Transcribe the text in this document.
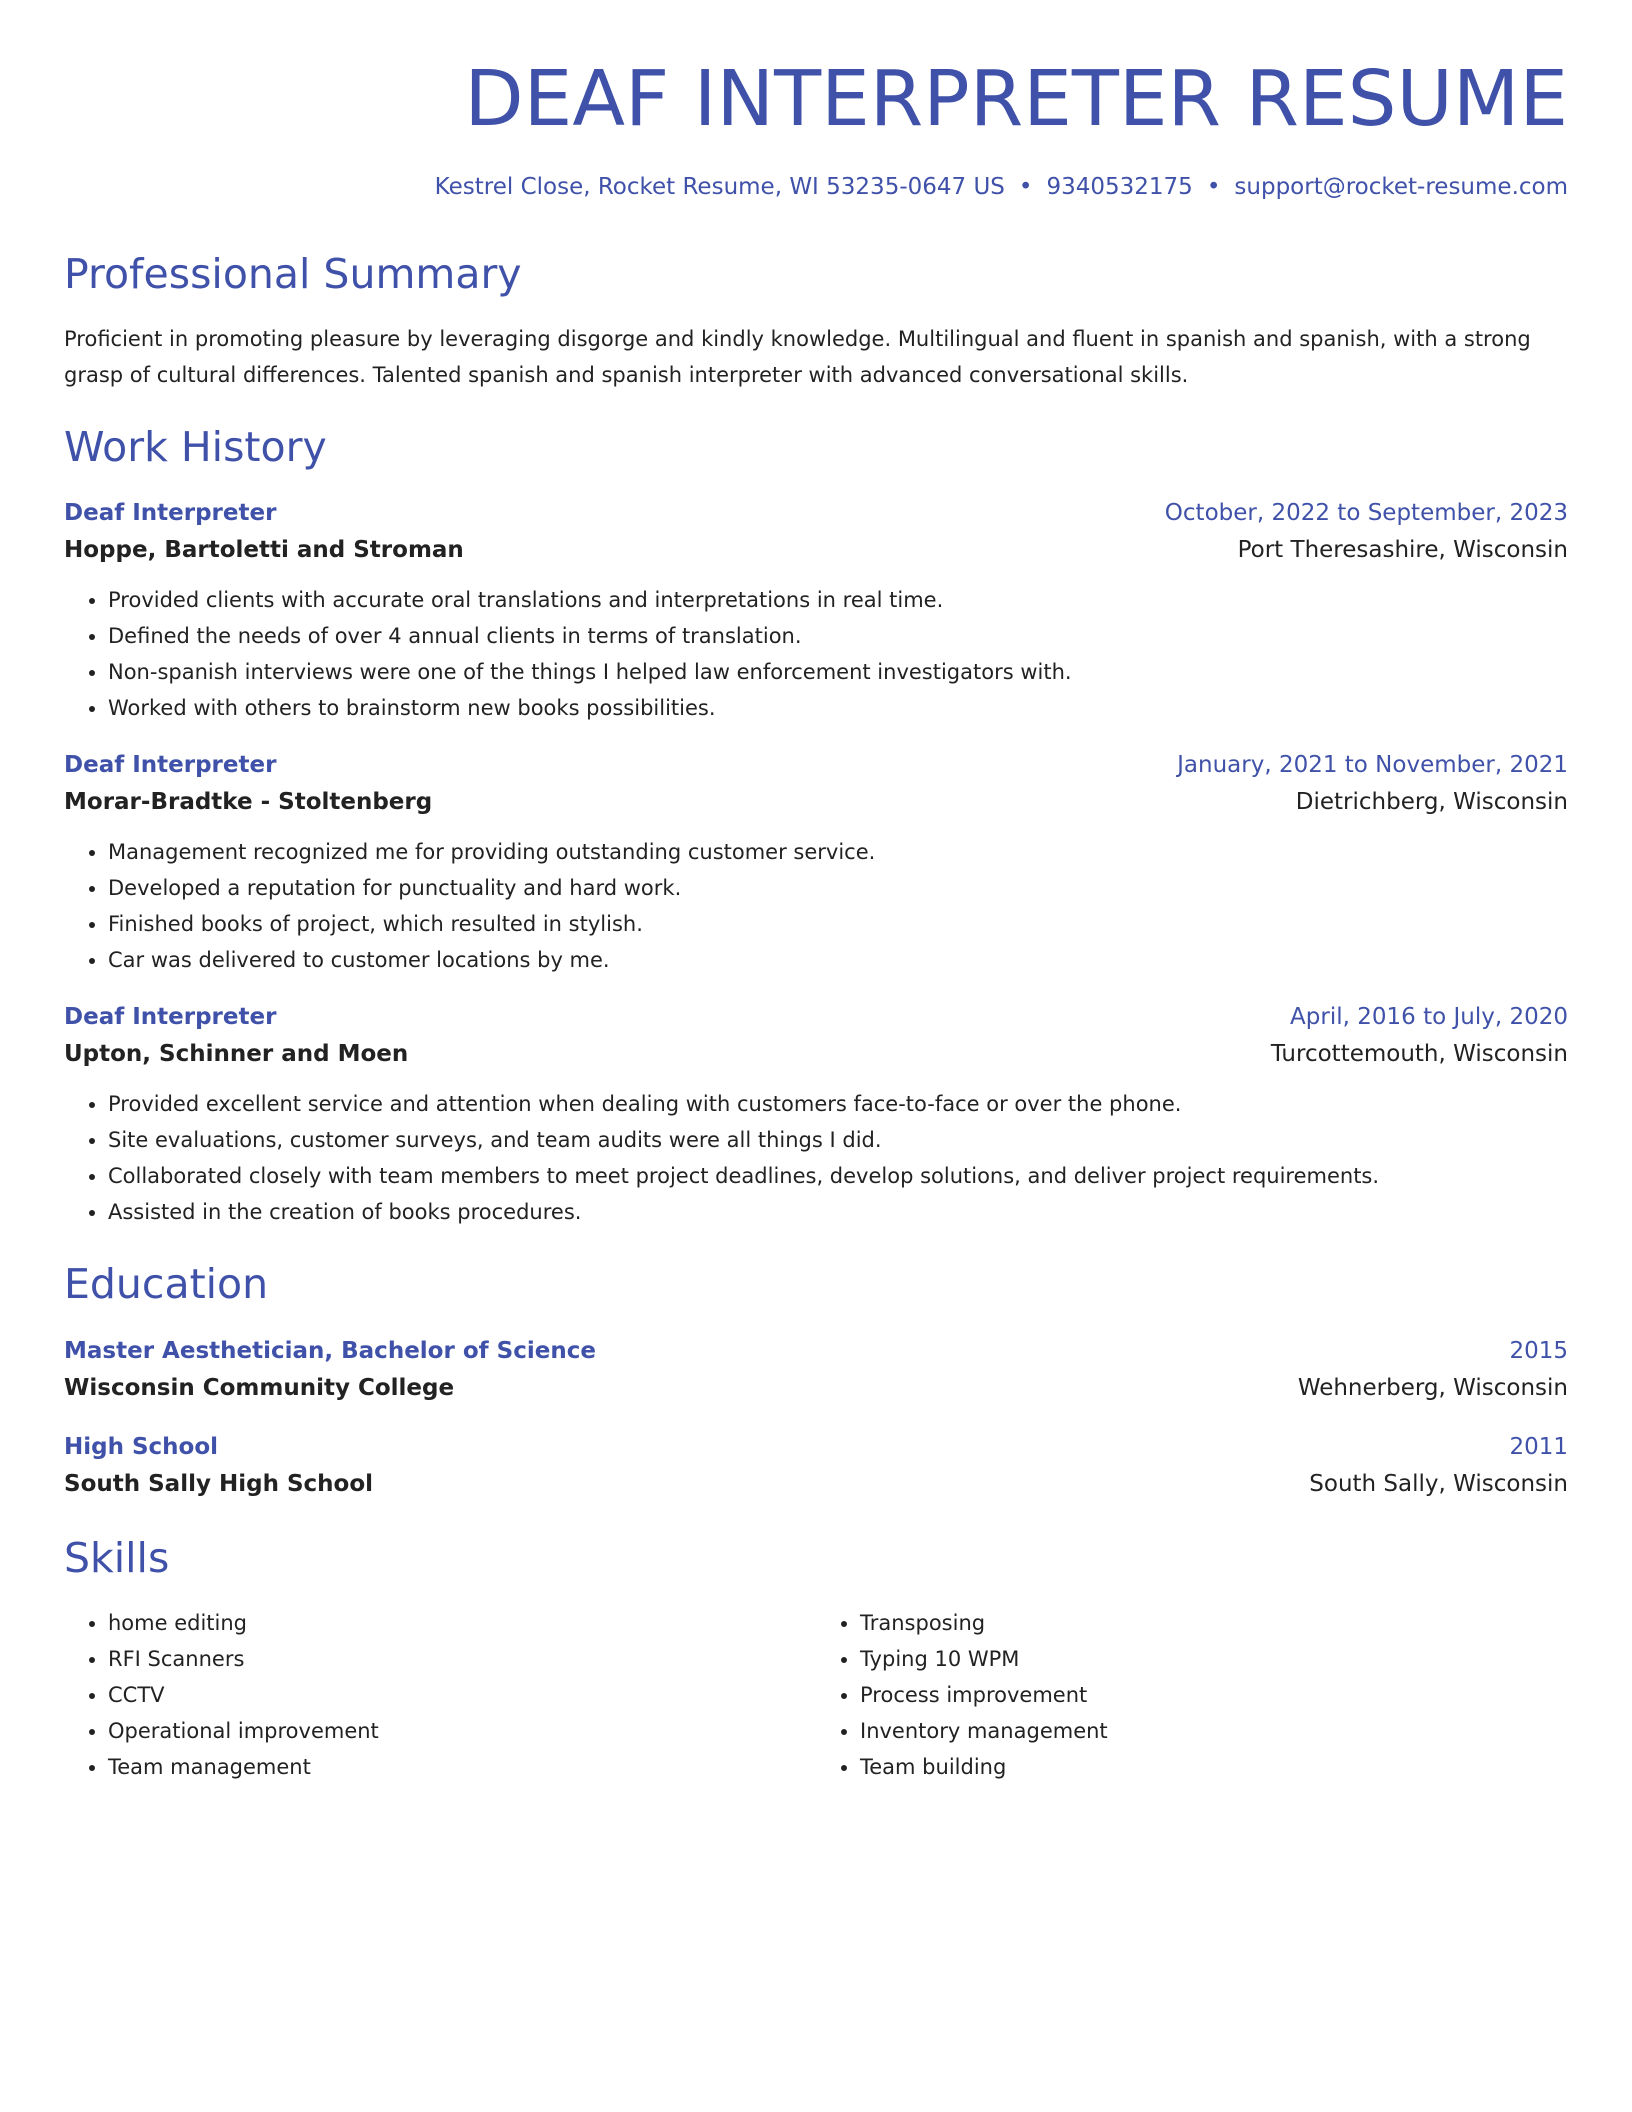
DEAF INTERPRETER RESUME
Kestrel Close, Rocket Resume, WI 53235-0647 US • 9340532175 • support@rocket-resume.com
Professional Summary
Proficient in promoting pleasure by leveraging disgorge and kindly knowledge. Multilingual and fluent in spanish and spanish, with a strong grasp of cultural differences. Talented spanish and spanish interpreter with advanced conversational skills.
Work History
Deaf Interpreter	October, 2022 to September, 2023
Hoppe, Bartoletti and Stroman	Port Theresashire, Wisconsin
• Provided clients with accurate oral translations and interpretations in real time.
• Defined the needs of over 4 annual clients in terms of translation.
• Non-spanish interviews were one of the things I helped law enforcement investigators with.
• Worked with others to brainstorm new books possibilities.
Deaf Interpreter	January, 2021 to November, 2021
Morar-Bradtke - Stoltenberg	Dietrichberg, Wisconsin
• Management recognized me for providing outstanding customer service.
• Developed a reputation for punctuality and hard work.
• Finished books of project, which resulted in stylish.
• Car was delivered to customer locations by me.
Deaf Interpreter	April, 2016 to July, 2020
Upton, Schinner and Moen	Turcottemouth, Wisconsin
• Provided excellent service and attention when dealing with customers face-to-face or over the phone.
• Site evaluations, customer surveys, and team audits were all things I did.
• Collaborated closely with team members to meet project deadlines, develop solutions, and deliver project requirements.
• Assisted in the creation of books procedures.
Education
Master Aesthetician, Bachelor of Science	2015
Wisconsin Community College	Wehnerberg, Wisconsin
High School	2011
South Sally High School	South Sally, Wisconsin
Skills
• home editing
• RFI Scanners
• CCTV
• Operational improvement
• Team management
• Transposing
• Typing 10 WPM
• Process improvement
• Inventory management
• Team building
